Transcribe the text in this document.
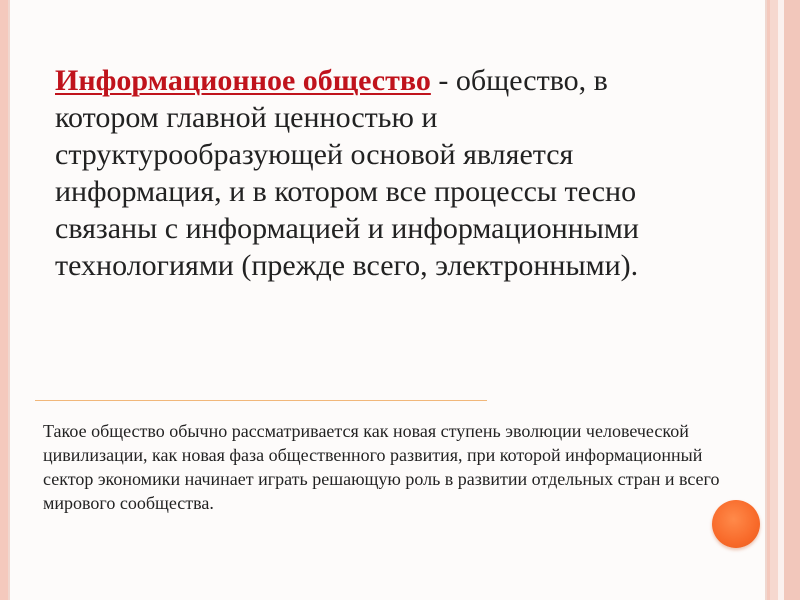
Информационное общество - общество, в котором главной ценностью и структурообразующей основой является информация, и в котором все процессы тесно связаны с информацией и информационными технологиями (прежде всего, электронными).
Такое общество обычно рассматривается как новая ступень эволюции человеческой цивилизации, как новая фаза общественного развития, при которой информационный сектор экономики начинает играть решающую роль в развитии отдельных стран и всего мирового сообщества.
